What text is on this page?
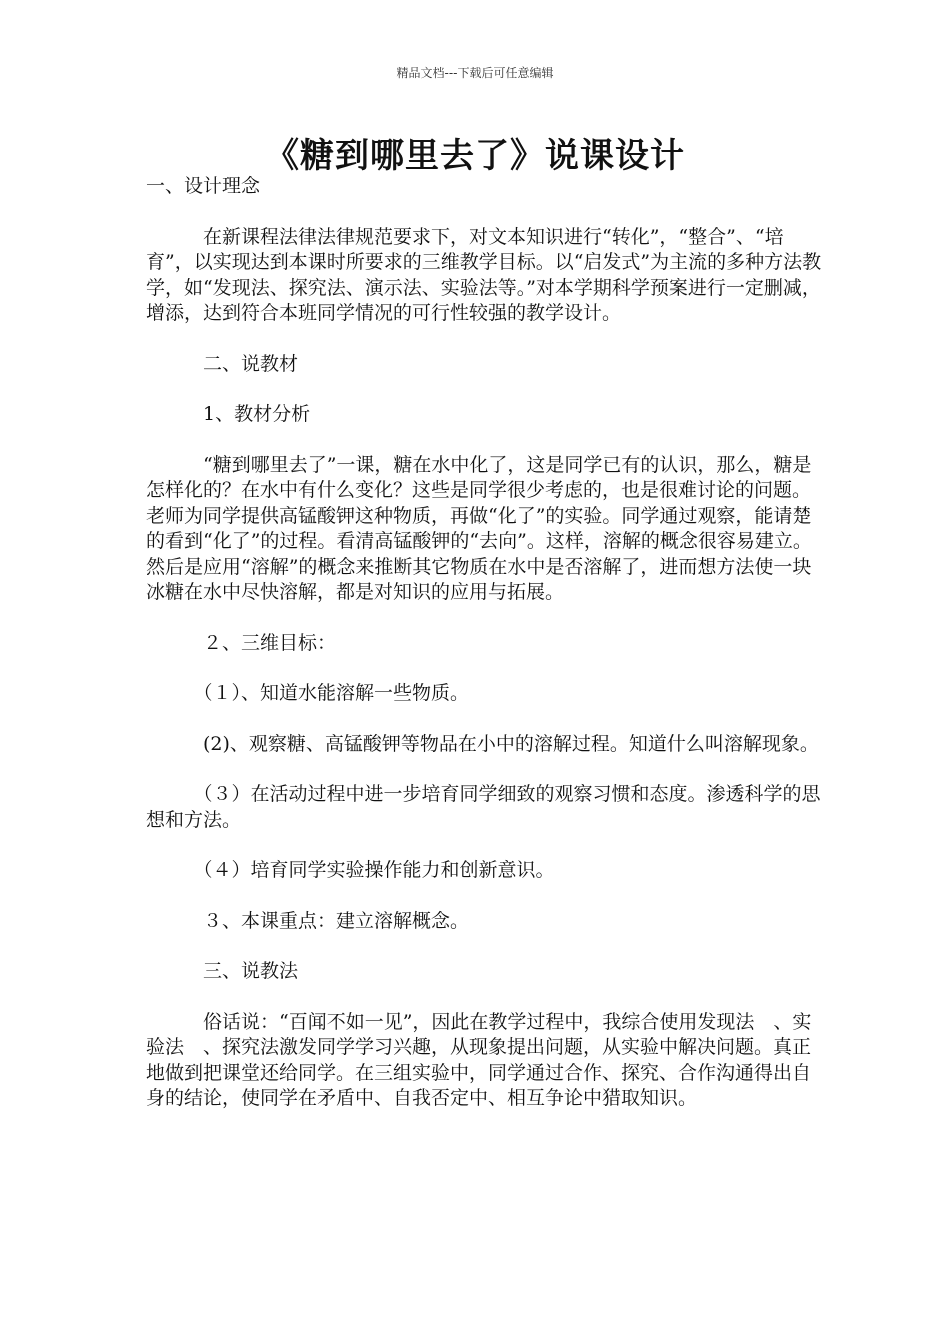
精品文档---下载后可任意编辑
《糖到哪里去了》说课设计

一、设计理念

　　　在新课程法律法律规范要求下，对文本知识进行“转化”，“整合”、“培育”，以实现达到本课时所要求的三维教学目标。以“启发式”为主流的多种方法教学，如“发现法、探究法、演示法、实验法等。”对本学期科学预案进行一定删减，增添，达到符合本班同学情况的可行性较强的教学设计。

　　　二、说教材

　　　1、教材分析

　　　“糖到哪里去了”一课，糖在水中化了，这是同学已有的认识，那么，糖是怎样化的？在水中有什么变化？这些是同学很少考虑的，也是很难讨论的问题。老师为同学提供高锰酸钾这种物质，再做“化了”的实验。同学通过观察，能请楚的看到“化了”的过程。看清高锰酸钾的“去向”。这样，溶解的概念很容易建立。然后是应用“溶解”的概念来推断其它物质在水中是否溶解了，进而想方法使一块冰糖在水中尽快溶解，都是对知识的应用与拓展。

　　　２、三维目标：

　　　（１）、知道水能溶解一些物质。

　　　(2)、观察糖、高锰酸钾等物品在小中的溶解过程。知道什么叫溶解现象。

　　　（３）在活动过程中进一步培育同学细致的观察习惯和态度。渗透科学的思想和方法。

　　　（４）培育同学实验操作能力和创新意识。

　　　３、本课重点：建立溶解概念。

　　　三、说教法

　　　俗话说：“百闻不如一见”，因此在教学过程中，我综合使用发现法　、实验法　、探究法激发同学学习兴趣，从现象提出问题，从实验中解决问题。真正地做到把课堂还给同学。在三组实验中，同学通过合作、探究、合作沟通得出自身的结论，使同学在矛盾中、自我否定中、相互争论中猎取知识。
